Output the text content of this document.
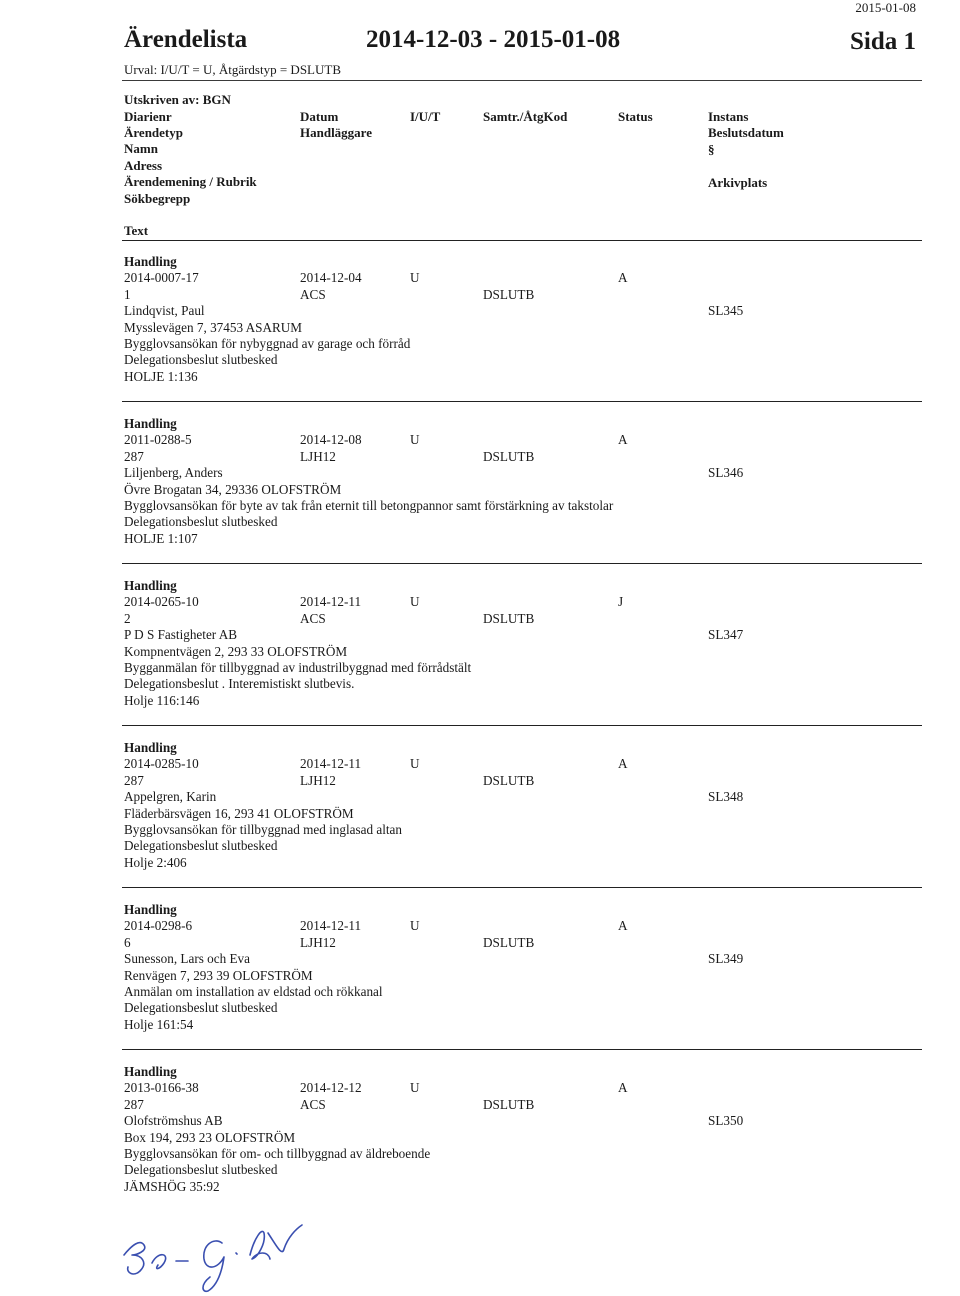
2015-01-08
Ärendelista	2014-12-03 - 2015-01-08	Sida 1
Urval: I/U/T = U, Åtgärdstyp = DSLUTB
Utskriven av: BGN
Diarienr
Ärendetyp
Namn
Adress
Ärendemening / Rubrik
Sökbegrepp
Datum
Handläggare
I/U/T	Samtr./ÅtgKod	Status	Instans
Beslutsdatum
§
Arkivplats
Text
Handling
2014-0007-17	2014-12-04	U	A
1	ACS	DSLUTB
Lindqvist, Paul	SL345
Mysslevägen 7, 37453 ASARUM
Bygglovsansökan för nybyggnad av garage och förråd
Delegationsbeslut slutbesked
HOLJE 1:136
Handling
2011-0288-5	2014-12-08	U	A
287	LJH12	DSLUTB
Liljenberg, Anders	SL346
Övre Brogatan 34, 29336 OLOFSTRÖM
Bygglovsansökan för byte av tak från eternit till betongpannor samt förstärkning av takstolar
Delegationsbeslut slutbesked
HOLJE 1:107
Handling
2014-0265-10	2014-12-11	U	J
2	ACS	DSLUTB
P D S Fastigheter AB	SL347
Kompnentvägen 2, 293 33 OLOFSTRÖM
Bygganmälan för tillbyggnad av industrilbyggnad med förrådstält
Delegationsbeslut . Interemistiskt slutbevis.
Holje 116:146
Handling
2014-0285-10	2014-12-11	U	A
287	LJH12	DSLUTB
Appelgren, Karin	SL348
Fläderbärsvägen 16, 293 41 OLOFSTRÖM
Bygglovsansökan för tillbyggnad med inglasad altan
Delegationsbeslut slutbesked
Holje 2:406
Handling
2014-0298-6	2014-12-11	U	A
6	LJH12	DSLUTB
Sunesson, Lars och Eva	SL349
Renvägen 7, 293 39 OLOFSTRÖM
Anmälan om installation av eldstad och rökkanal
Delegationsbeslut slutbesked
Holje 161:54
Handling
2013-0166-38	2014-12-12	U	A
287	ACS	DSLUTB
Olofströmshus AB	SL350
Box 194, 293 23 OLOFSTRÖM
Bygglovsansökan för om- och tillbyggnad av äldreboende
Delegationsbeslut slutbesked
JÄMSHÖG 35:92
